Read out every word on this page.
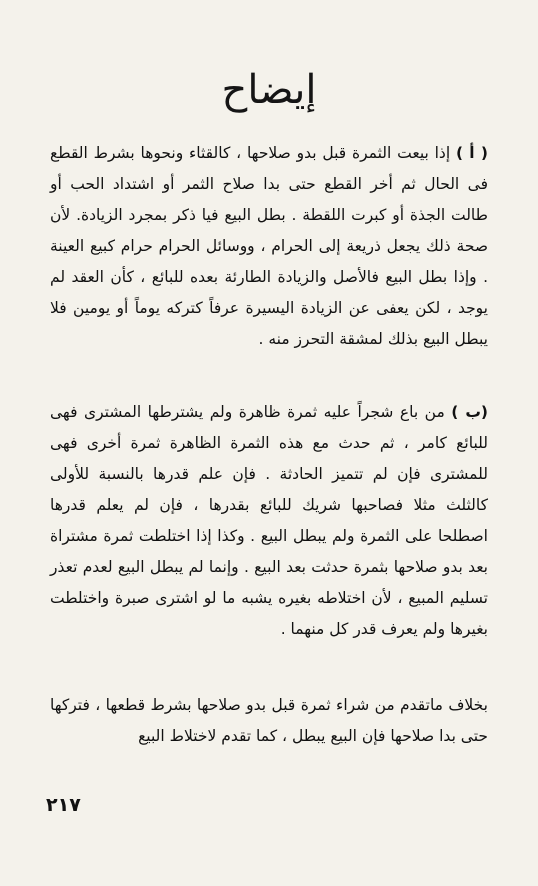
إيضاح

( أ ) إذا بيعت الثمرة قبل بدو صلاحها ، كالقثاء ونحوها بشرط القطع فى الحال ثم أخر القطع حتى بدا صلاح الثمر أو اشتداد الحب أو طالت الجذة أو كبرت اللقطة . بطل البيع فيا ذكر بمجرد الزيادة. لأن صحة ذلك يجعل ذريعة إلى الحرام ، ووسائل الحرام حرام كبيع العينة . وإذا بطل البيع فالأصل والزيادة الطارئة بعده للبائع ، كأن العقد لم يوجد ، لكن يعفى عن الزيادة اليسيرة عرفاً كتركه يوماً أو يومين فلا يبطل البيع بذلك لمشقة التحرز منه .

(ب ) من باع شجراً عليه ثمرة ظاهرة ولم يشترطها المشترى فهى للبائع كامر ، ثم حدث مع هذه الثمرة الظاهرة ثمرة أخرى فهى للمشترى فإن لم تتميز الحادثة . فإن علم قدرها بالنسبة للأولى كالثلث مثلا فصاحبها شريك للبائع بقدرها ، فإن لم يعلم قدرها اصطلحا على الثمرة ولم يبطل البيع . وكذا إذا اختلطت ثمرة مشتراة بعد بدو صلاحها بثمرة حدثت بعد البيع . وإنما لم يبطل البيع لعدم تعذر تسليم المبيع ، لأن اختلاطه بغيره يشبه ما لو اشترى صبرة واختلطت بغيرها ولم يعرف قدر كل منهما .

بخلاف ماتقدم من شراء ثمرة قبل بدو صلاحها بشرط قطعها ، فتركها حتى بدا صلاحها فإن البيع يبطل ، كما تقدم لاختلاط البيع

٢١٧
